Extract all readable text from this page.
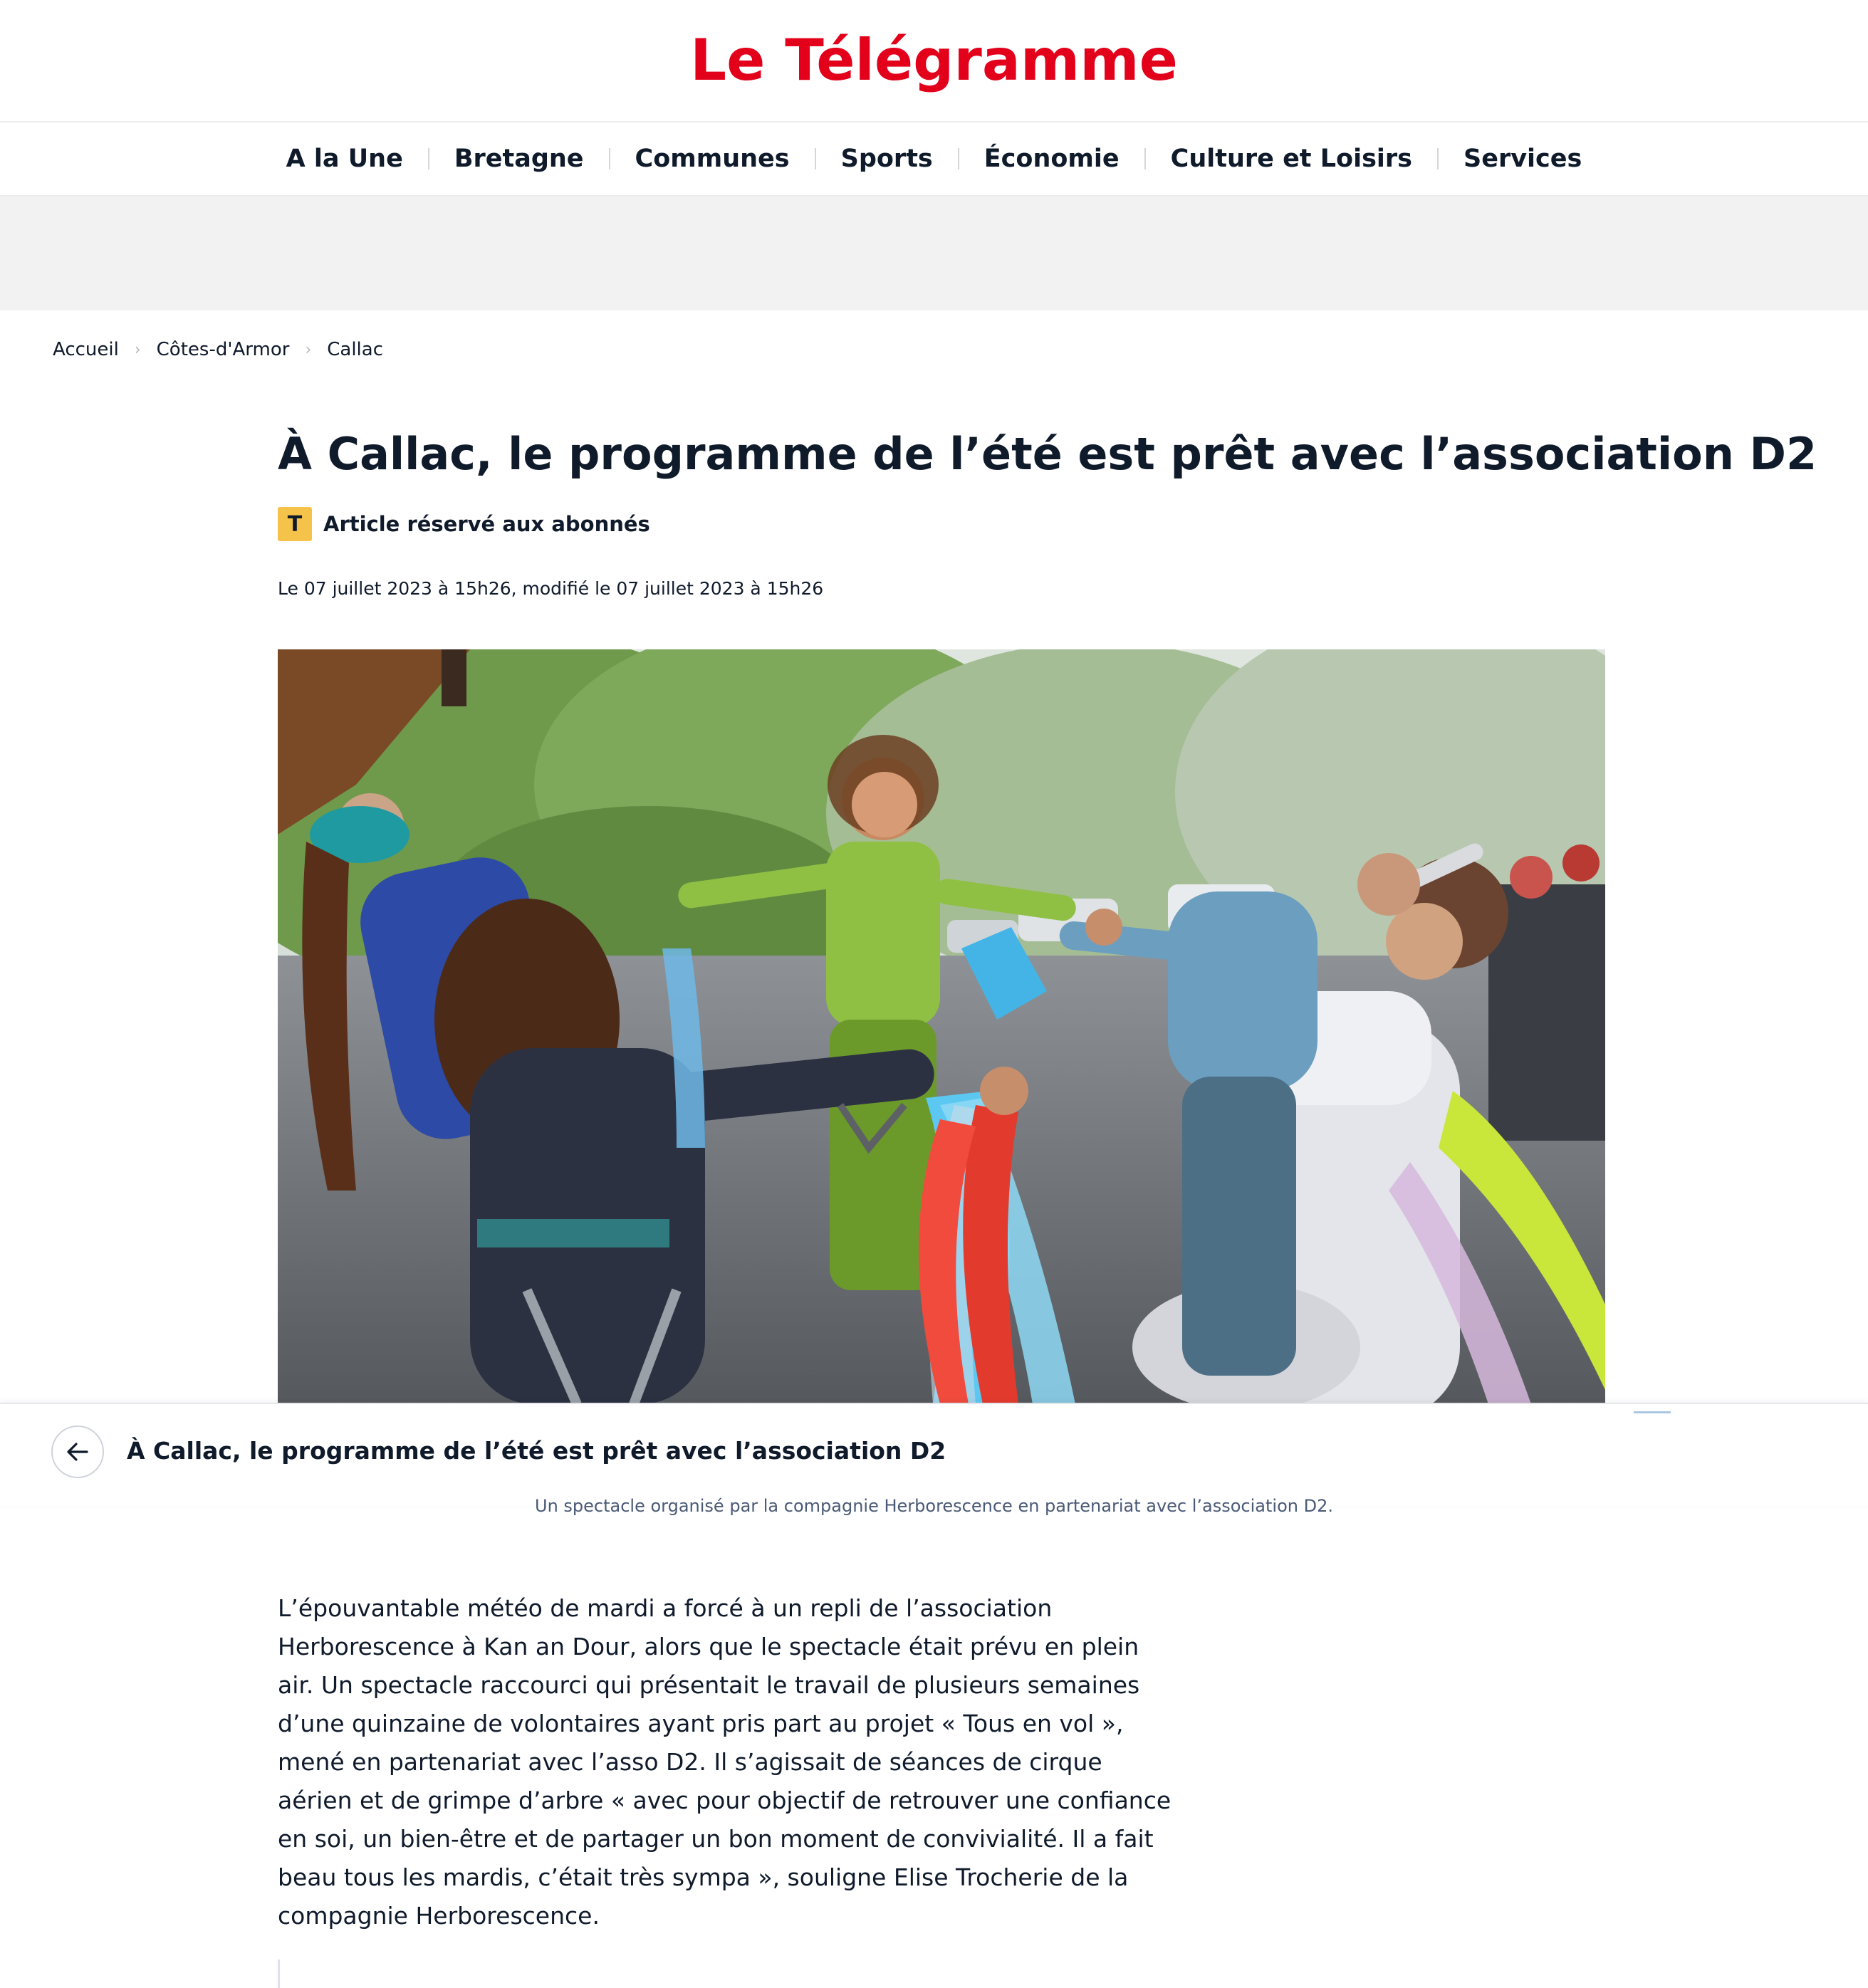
Le Télégramme
A la Une	Bretagne	Communes	Sports	Économie	Culture et Loisirs	Services
Accueil › Côtes-d'Armor › Callac
À Callac, le programme de l’été est prêt avec l’association D2
T	Article réservé aux abonnés
Le 07 juillet 2023 à 15h26, modifié le 07 juillet 2023 à 15h26
À Callac, le programme de l’été est prêt avec l’association D2
Un spectacle organisé par la compagnie Herborescence en partenariat avec l’association D2.

L’épouvantable météo de mardi a forcé à un repli de l’association Herborescence à Kan an Dour, alors que le spectacle était prévu en plein air. Un spectacle raccourci qui présentait le travail de plusieurs semaines d’une quinzaine de volontaires ayant pris part au projet « Tous en vol », mené en partenariat avec l’asso D2. Il s’agissait de séances de cirque aérien et de grimpe d’arbre « avec pour objectif de retrouver une confiance en soi, un bien-être et de partager un bon moment de convivialité. Il a fait beau tous les mardis, c’était très sympa », souligne Elise Trocherie de la compagnie Herborescence.
